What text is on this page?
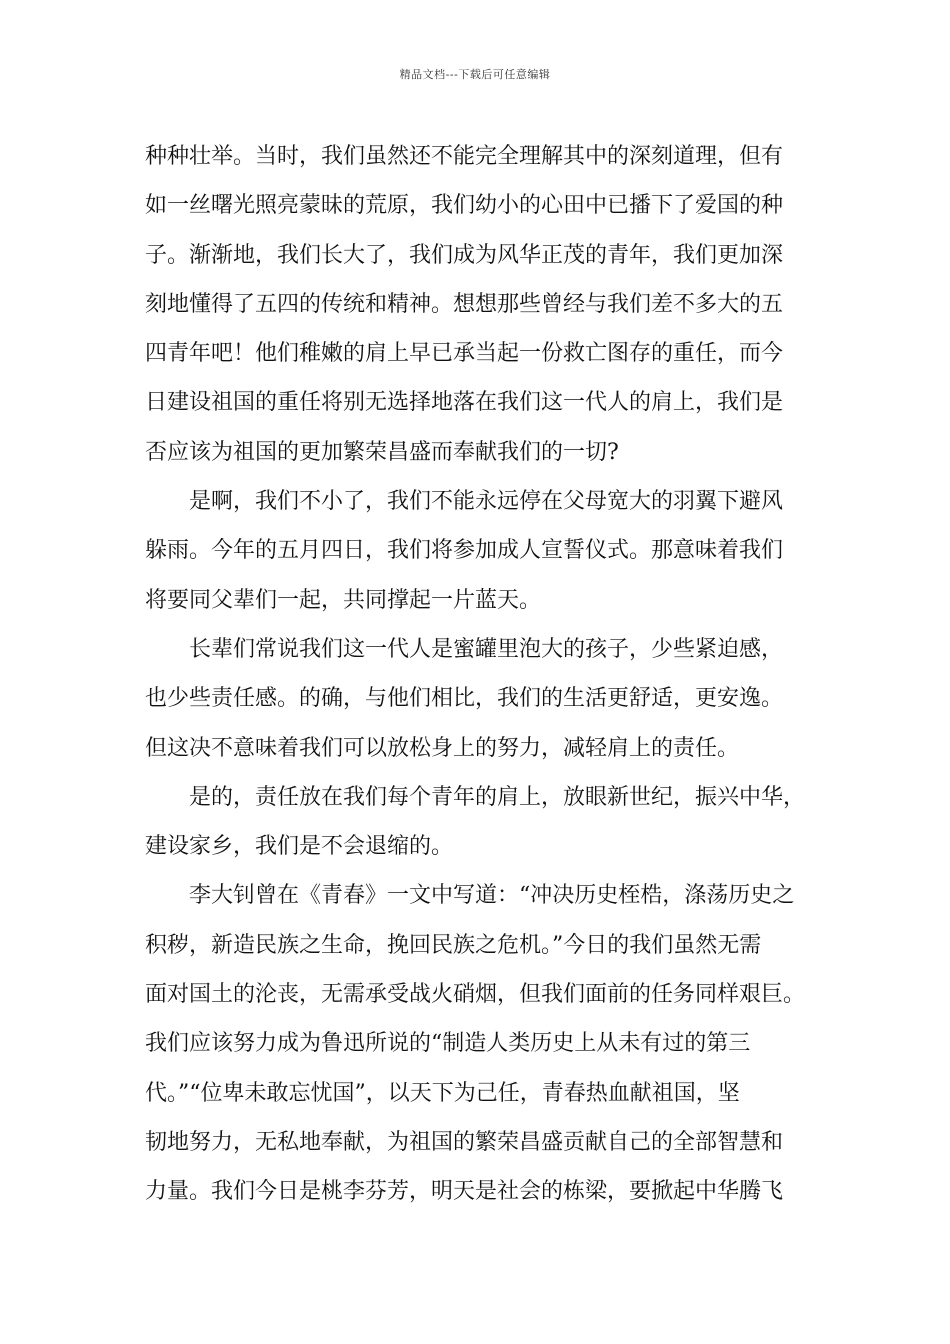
精品文档---下载后可任意编辑
种种壮举。当时，我们虽然还不能完全理解其中的深刻道理，但有
如一丝曙光照亮蒙昧的荒原，我们幼小的心田中已播下了爱国的种
子。渐渐地，我们长大了，我们成为风华正茂的青年，我们更加深
刻地懂得了五四的传统和精神。想想那些曾经与我们差不多大的五
四青年吧！他们稚嫩的肩上早已承当起一份救亡图存的重任，而今
日建设祖国的重任将别无选择地落在我们这一代人的肩上，我们是
否应该为祖国的更加繁荣昌盛而奉献我们的一切?
是啊，我们不小了，我们不能永远停在父母宽大的羽翼下避风
躲雨。今年的五月四日，我们将参加成人宣誓仪式。那意味着我们
将要同父辈们一起，共同撑起一片蓝天。
长辈们常说我们这一代人是蜜罐里泡大的孩子，少些紧迫感，
也少些责任感。的确，与他们相比，我们的生活更舒适，更安逸。
但这决不意味着我们可以放松身上的努力，减轻肩上的责任。
是的，责任放在我们每个青年的肩上，放眼新世纪，振兴中华，
建设家乡，我们是不会退缩的。
李大钊曾在《青春》一文中写道：“冲决历史桎梏，涤荡历史之
积秽，新造民族之生命，挽回民族之危机。”今日的我们虽然无需
面对国土的沦丧，无需承受战火硝烟，但我们面前的任务同样艰巨。
我们应该努力成为鲁迅所说的“制造人类历史上从未有过的第三
代。”“位卑未敢忘忧国”，以天下为己任，青春热血献祖国，坚
韧地努力，无私地奉献，为祖国的繁荣昌盛贡献自己的全部智慧和
力量。我们今日是桃李芬芳，明天是社会的栋梁，要掀起中华腾飞
